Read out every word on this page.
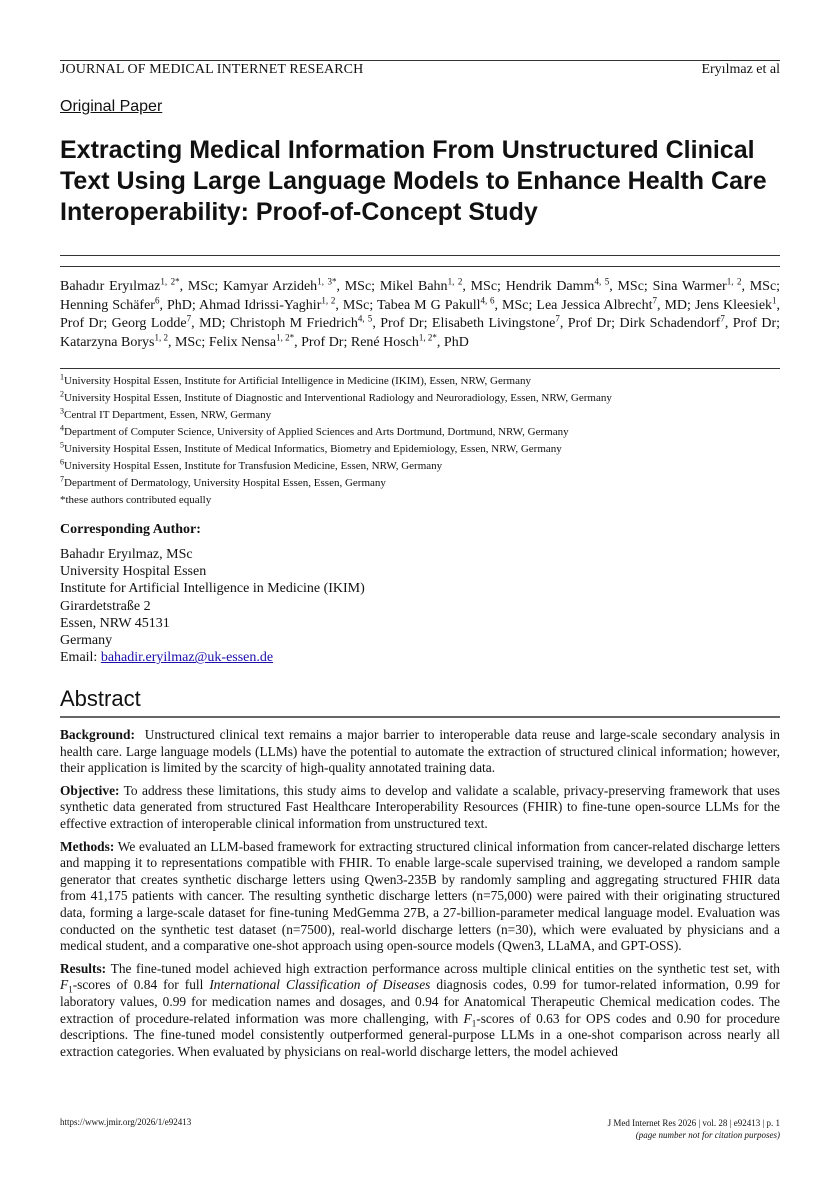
JOURNAL OF MEDICAL INTERNET RESEARCH	Eryılmaz et al
Original Paper
Extracting Medical Information From Unstructured Clinical Text Using Large Language Models to Enhance Health Care Interoperability: Proof-of-Concept Study

Bahadır Eryılmaz$^{1, 2*}$, MSc; Kamyar Arzideh$^{1, 3*}$, MSc; Mikel Bahn$^{1, 2}$, MSc; Hendrik Damm$^{4, 5}$, MSc; Sina Warmer$^{1, 2}$, MSc; Henning Schäfer$^6$, PhD; Ahmad Idrissi-Yaghir$^{1, 2}$, MSc; Tabea M G Pakull$^{4, 6}$, MSc; Lea Jessica Albrecht$^7$, MD; Jens Kleesiek$^1$, Prof Dr; Georg Lodde$^7$, MD; Christoph M Friedrich$^{4, 5}$, Prof Dr; Elisabeth Livingstone$^7$, Prof Dr; Dirk Schadendorf$^7$, Prof Dr; Katarzyna Borys$^{1, 2}$, MSc; Felix Nensa$^{1, 2*}$, Prof Dr; René Hosch$^{1, 2*}$, PhD

$^1$University Hospital Essen, Institute for Artificial Intelligence in Medicine (IKIM), Essen, NRW, Germany
$^2$University Hospital Essen, Institute of Diagnostic and Interventional Radiology and Neuroradiology, Essen, NRW, Germany
$^3$Central IT Department, Essen, NRW, Germany
$^4$Department of Computer Science, University of Applied Sciences and Arts Dortmund, Dortmund, NRW, Germany
$^5$University Hospital Essen, Institute of Medical Informatics, Biometry and Epidemiology, Essen, NRW, Germany
$^6$University Hospital Essen, Institute for Transfusion Medicine, Essen, NRW, Germany
$^7$Department of Dermatology, University Hospital Essen, Essen, Germany
*these authors contributed equally

Corresponding Author:

Bahadır Eryılmaz, MSc
University Hospital Essen
Institute for Artificial Intelligence in Medicine (IKIM)
Girardetstraße 2
Essen, NRW 45131
Germany
Email: bahadir.eryilmaz@uk-essen.de
Abstract

Background: Unstructured clinical text remains a major barrier to interoperable data reuse and large-scale secondary analysis in health care. Large language models (LLMs) have the potential to automate the extraction of structured clinical information; however, their application is limited by the scarcity of high-quality annotated training data.

Objective: To address these limitations, this study aims to develop and validate a scalable, privacy-preserving framework that uses synthetic data generated from structured Fast Healthcare Interoperability Resources (FHIR) to fine-tune open-source LLMs for the effective extraction of interoperable clinical information from unstructured text.

Methods: We evaluated an LLM-based framework for extracting structured clinical information from cancer-related discharge letters and mapping it to representations compatible with FHIR. To enable large-scale supervised training, we developed a random sample generator that creates synthetic discharge letters using Qwen3-235B by randomly sampling and aggregating structured FHIR data from 41,175 patients with cancer. The resulting synthetic discharge letters (n=75,000) were paired with their originating structured data, forming a large-scale dataset for fine-tuning MedGemma 27B, a 27-billion-parameter medical language model. Evaluation was conducted on the synthetic test dataset (n=7500), real-world discharge letters (n=30), which were evaluated by physicians and a medical student, and a comparative one-shot approach using open-source models (Qwen3, LLaMA, and GPT-OSS).

Results: The fine-tuned model achieved high extraction performance across multiple clinical entities on the synthetic test set, with $F_1$-scores of 0.84 for full International Classification of Diseases diagnosis codes, 0.99 for tumor-related information, 0.99 for laboratory values, 0.99 for medication names and dosages, and 0.94 for Anatomical Therapeutic Chemical medication codes. The extraction of procedure-related information was more challenging, with $F_1$-scores of 0.63 for OPS codes and 0.90 for procedure descriptions. The fine-tuned model consistently outperformed general-purpose LLMs in a one-shot comparison across nearly all extraction categories. When evaluated by physicians on real-world discharge letters, the model achieved

https://www.jmir.org/2026/1/e92413	J Med Internet Res 2026 | vol. 28 | e92413 | p. 1
(page number not for citation purposes)
